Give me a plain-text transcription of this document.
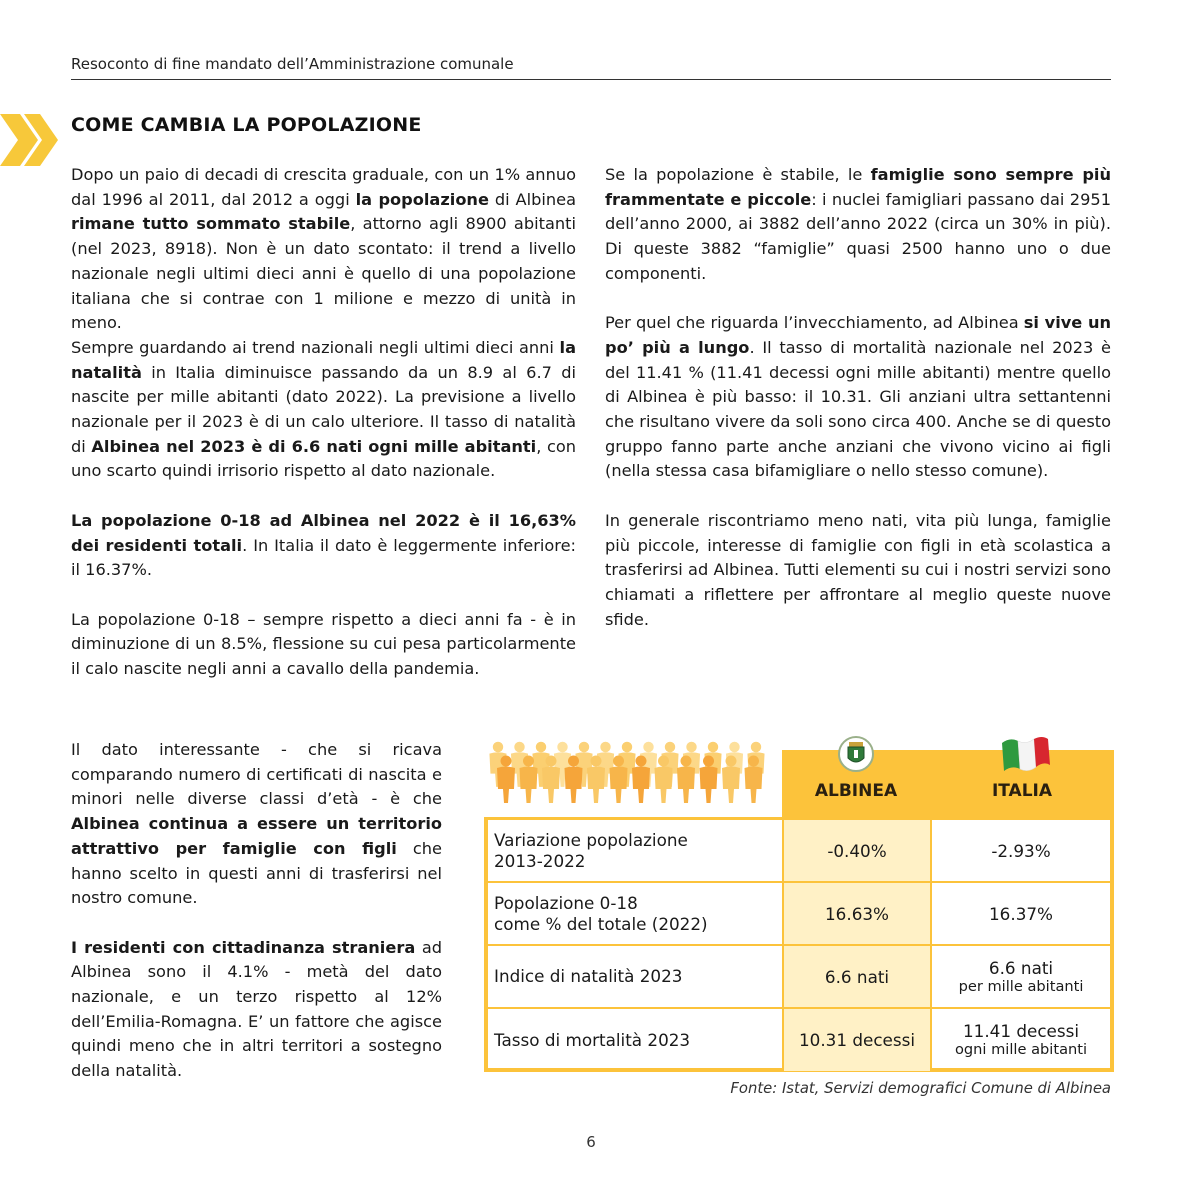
Resoconto di fine mandato dell’Amministrazione comunale
COME CAMBIA LA POPOLAZIONE

Dopo un paio di decadi di crescita graduale, con un 1% annuo dal 1996 al 2011, dal 2012 a oggi la popolazione di Albinea rimane tutto sommato stabile, attorno agli 8900 abitanti (nel 2023, 8918). Non è un dato scontato: il trend a livello nazionale negli ultimi dieci anni è quello di una popolazione italiana che si contrae con 1 milione e mezzo di unità in meno.

Sempre guardando ai trend nazionali negli ultimi dieci anni la natalità in Italia diminuisce passando da un 8.9 al 6.7 di nascite per mille abitanti (dato 2022). La previsione a livello nazionale per il 2023 è di un calo ulteriore. Il tasso di natalità di Albinea nel 2023 è di 6.6 nati ogni mille abitanti, con uno scarto quindi irrisorio rispetto al dato nazionale.

La popolazione 0-18 ad Albinea nel 2022 è il 16,63% dei residenti totali. In Italia il dato è leggermente inferiore: il 16.37%.

La popolazione 0-18 – sempre rispetto a dieci anni fa - è in diminuzione di un 8.5%, flessione su cui pesa particolarmente il calo nascite negli anni a cavallo della pandemia.

Il dato interessante - che si ricava comparando numero di certificati di nascita e minori nelle diverse classi d’età - è che Albinea continua a essere un territorio attrattivo per famiglie con figli che hanno scelto in questi anni di trasferirsi nel nostro comune.

I residenti con cittadinanza straniera ad Albinea sono il 4.1% - metà del dato nazionale, e un terzo rispetto al 12% dell’Emilia-Romagna. E’ un fattore che agisce quindi meno che in altri territori a sostegno della natalità.

Se la popolazione è stabile, le famiglie sono sempre più frammentate e piccole: i nuclei famigliari passano dai 2951 dell’anno 2000, ai 3882 dell’anno 2022 (circa un 30% in più). Di queste 3882 “famiglie” quasi 2500 hanno uno o due componenti.

Per quel che riguarda l’invecchiamento, ad Albinea si vive un po’ più a lungo. Il tasso di mortalità nazionale nel 2023 è del 11.41 % (11.41 decessi ogni mille abitanti) mentre quello di Albinea è più basso: il 10.31. Gli anziani ultra settantenni che risultano vivere da soli sono circa 400. Anche se di questo gruppo fanno parte anche anziani che vivono vicino ai figli (nella stessa casa bifamigliare o nello stesso comune).

In generale riscontriamo meno nati, vita più lunga, famiglie più piccole, interesse di famiglie con figli in età scolastica a trasferirsi ad Albinea. Tutti elementi su cui i nostri servizi sono chiamati a riflettere per affrontare al meglio queste nuove sfide.

ALBINEA	ITALIA
Variazione popolazione
2013-2022	-0.40%	-2.93%
Popolazione 0-18
come % del totale (2022)	16.63%	16.37%
Indice di natalità 2023	6.6 nati	6.6 nati
per mille abitanti
Tasso di mortalità 2023	10.31 decessi	11.41 decessi
ogni mille abitanti
Fonte: Istat, Servizi demografici Comune di Albinea
6
